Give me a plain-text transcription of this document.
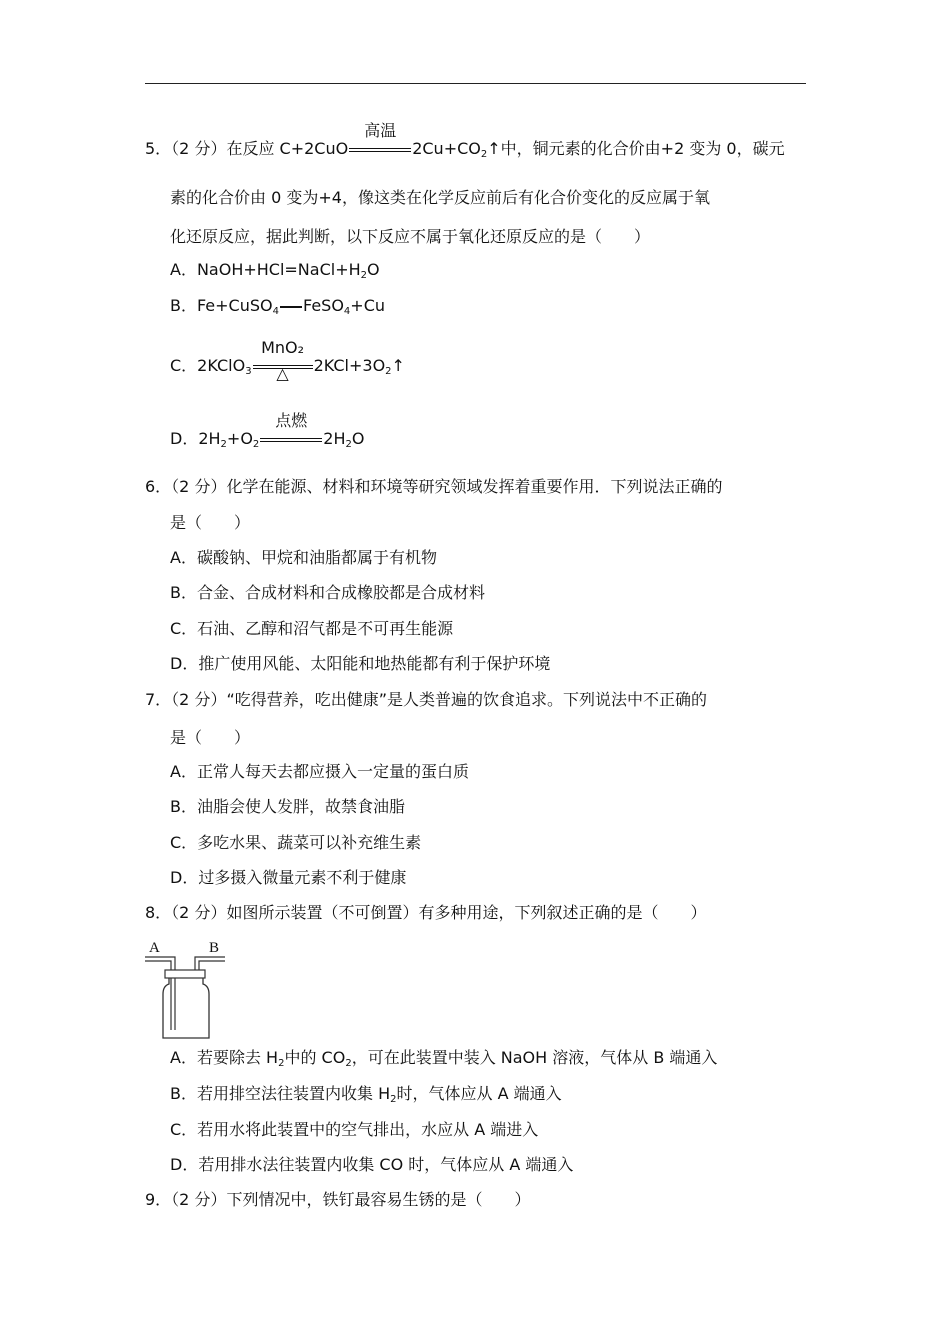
5．（2 分）在反应 C+2CuO
高温
$2Cu+CO_2↑$中，铜元素的化合价由+2 变为 0，碳元
素的化合价由 0 变为+4，像这类在化学反应前后有化合价变化的反应属于氧
化还原反应，据此判断，以下反应不属于氧化还原反应的是（　　）
A．$NaOH+HCl=NaCl+H_2O$
B．Fe+CuSO$_4$ FeSO$_4$+Cu
C．2KClO$_3$
MnO₂
△	$2KCl+3O_2↑$
D．$2H_2+O_2$
点燃
$2H_2O$
6．（2 分）化学在能源、材料和环境等研究领域发挥着重要作用．下列说法正确的
是（　　）
A．碳酸钠、甲烷和油脂都属于有机物
B．合金、合成材料和合成橡胶都是合成材料
C．石油、乙醇和沼气都是不可再生能源
D．推广使用风能、太阳能和地热能都有利于保护环境
7．（2 分）“吃得营养，吃出健康”是人类普遍的饮食追求。下列说法中不正确的
是（　　）
A．正常人每天去都应摄入一定量的蛋白质
B．油脂会使人发胖，故禁食油脂
C．多吃水果、蔬菜可以补充维生素
D．过多摄入微量元素不利于健康
8．（2 分）如图所示装置（不可倒置）有多种用途，下列叙述正确的是（　　）
A	B
A．若要除去 $H_2$中的 $CO_2$，可在此装置中装入 NaOH 溶液，气体从 B 端通入
B．若用排空法往装置内收集 $H_2$时，气体应从 A 端通入
C．若用水将此装置中的空气排出，水应从 A 端进入
D．若用排水法往装置内收集 CO 时，气体应从 A 端通入
9．（2 分）下列情况中，铁钉最容易生锈的是（　　）
